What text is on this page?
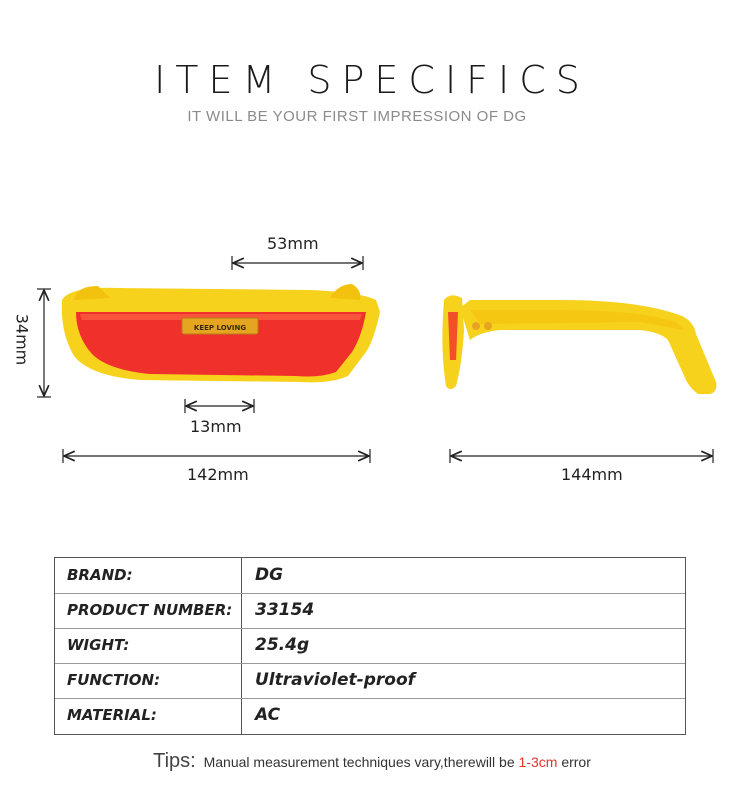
ITEM SPECIFICS
IT WILL BE YOUR FIRST IMPRESSION OF DG
KEEP LOVING
53mm
34mm
13mm
142mm	144mm
BRAND:	DG
PRODUCT NUMBER: 33154
WIGHT:	25.4g
FUNCTION:	Ultraviolet-proof
MATERIAL:	AC
Tips: Manual measurement techniques vary,therewill be 1-3cm error
